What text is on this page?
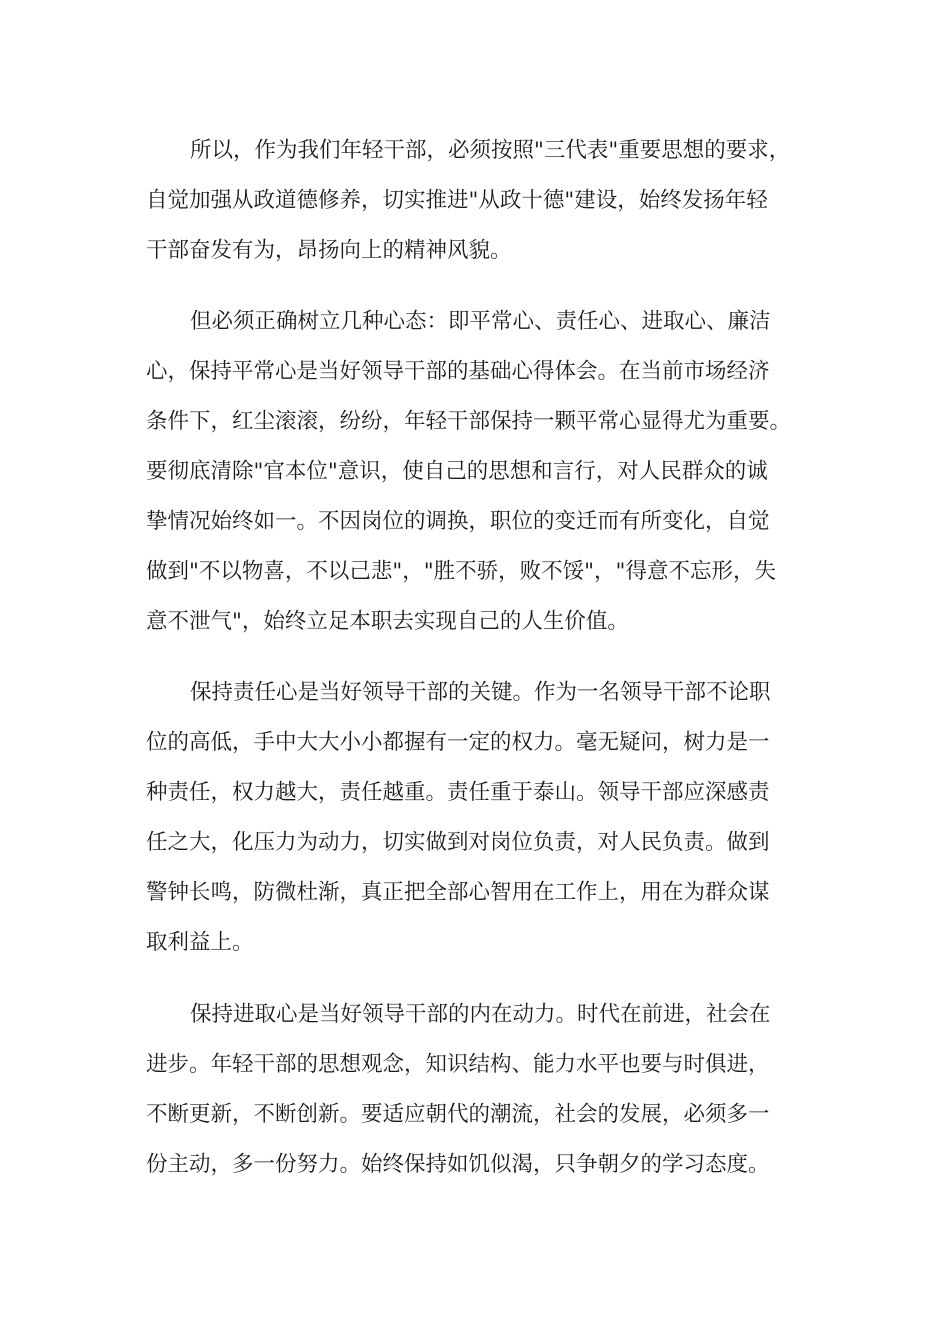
所以，作为我们年轻干部，必须按照"三代表"重要思想的要求，
自觉加强从政道德修养，切实推进"从政十德"建设，始终发扬年轻
干部奋发有为，昂扬向上的精神风貌。
但必须正确树立几种心态：即平常心、责任心、进取心、廉洁
心，保持平常心是当好领导干部的基础心得体会。在当前市场经济
条件下，红尘滚滚，纷纷，年轻干部保持一颗平常心显得尤为重要。
要彻底清除"官本位"意识，使自己的思想和言行，对人民群众的诚
挚情况始终如一。不因岗位的调换，职位的变迁而有所变化，自觉
做到"不以物喜，不以己悲"，"胜不骄，败不馁"，"得意不忘形，失
意不泄气"，始终立足本职去实现自己的人生价值。
保持责任心是当好领导干部的关键。作为一名领导干部不论职
位的高低，手中大大小小都握有一定的权力。毫无疑问，树力是一
种责任，权力越大，责任越重。责任重于泰山。领导干部应深感责
任之大，化压力为动力，切实做到对岗位负责，对人民负责。做到
警钟长鸣，防微杜渐，真正把全部心智用在工作上，用在为群众谋
取利益上。
保持进取心是当好领导干部的内在动力。时代在前进，社会在
进步。年轻干部的思想观念，知识结构、能力水平也要与时俱进，
不断更新，不断创新。要适应朝代的潮流，社会的发展，必须多一
份主动，多一份努力。始终保持如饥似渴，只争朝夕的学习态度。
